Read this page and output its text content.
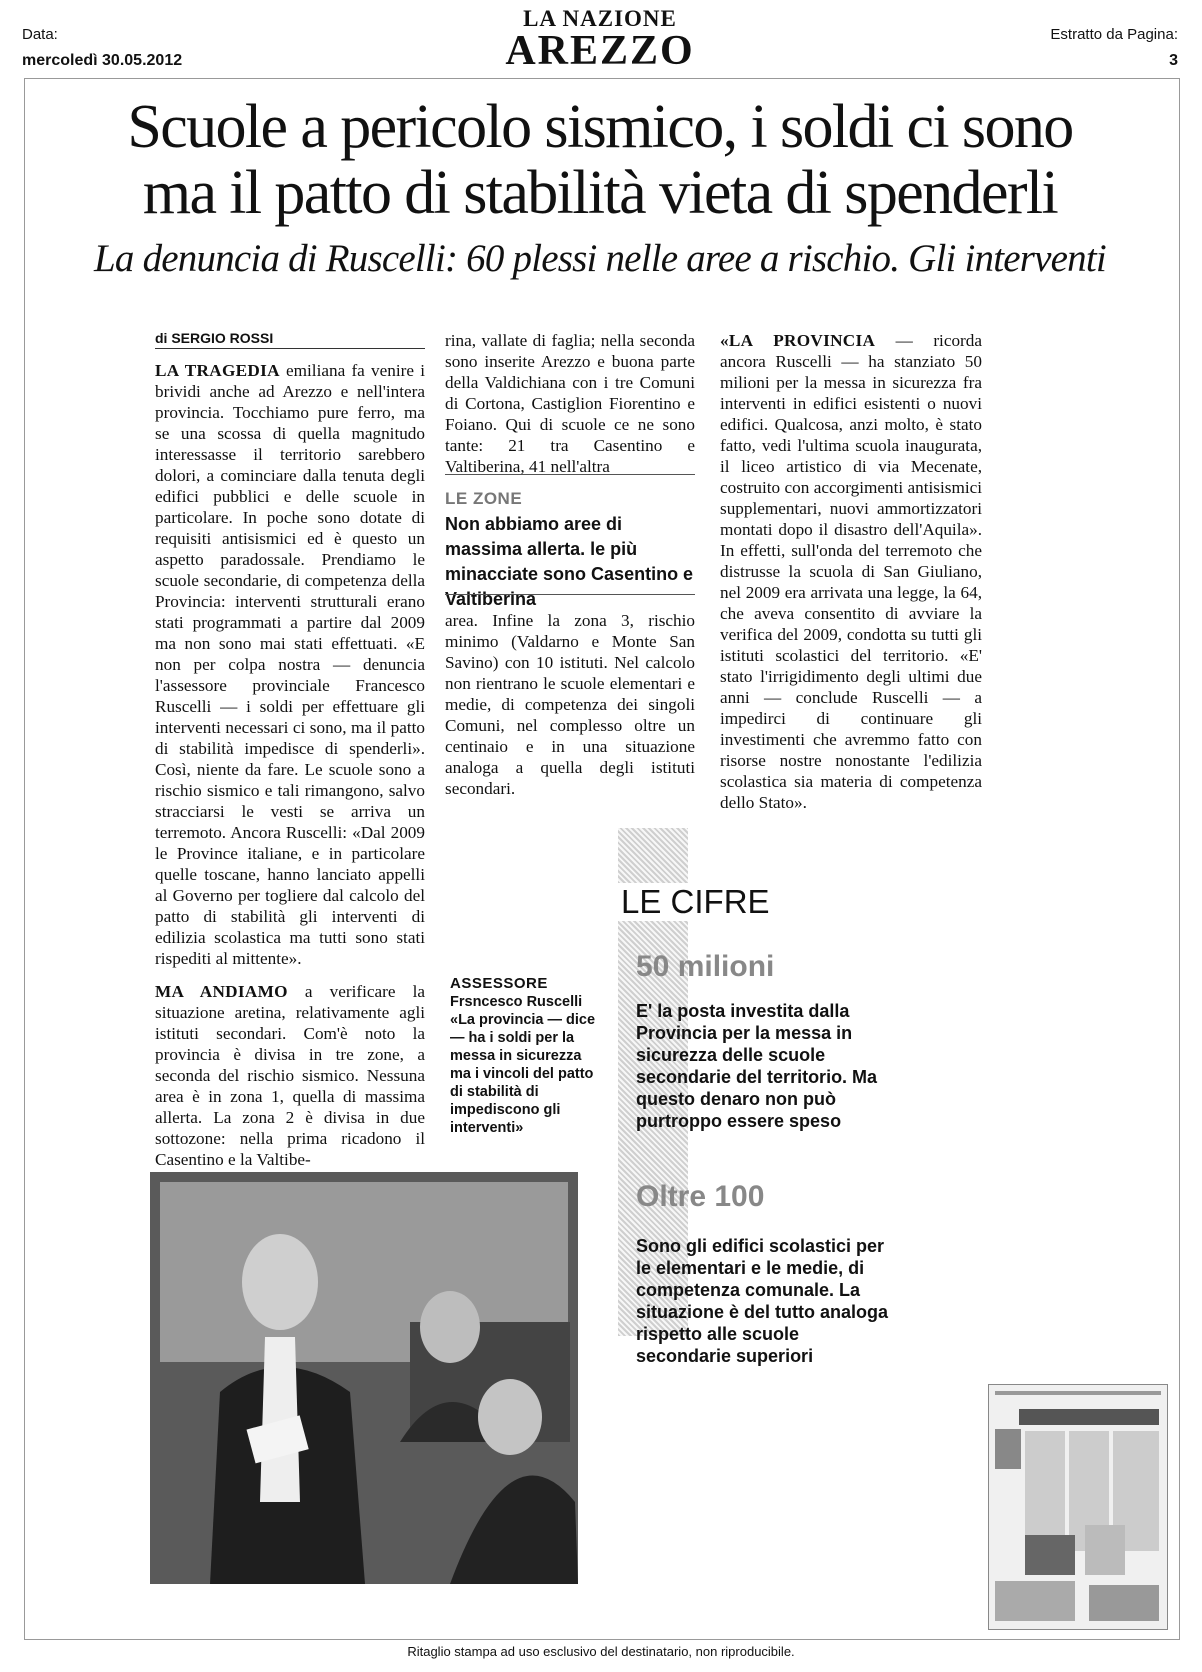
Data:
mercoledì 30.05.2012
LA NAZIONE
AREZZO	Estratto da Pagina:
3
Scuole a pericolo sismico, i soldi ci sono
ma il patto di stabilità vieta di spenderli
La denuncia di Ruscelli: 60 plessi nelle aree a rischio. Gli interventi
di SERGIO ROSSI

LA TRAGEDIA emiliana fa venire i brividi anche ad Arezzo e nell'intera provincia. Tocchiamo pure ferro, ma se una scossa di quella magnitudo interessasse il territorio sarebbero dolori, a cominciare dalla tenuta degli edifici pubblici e delle scuole in particolare. In poche sono dotate di requisiti antisismici ed è questo un aspetto paradossale. Prendiamo le scuole secondarie, di competenza della Provincia: interventi strutturali erano stati programmati a partire dal 2009 ma non sono mai stati effettuati. «E non per colpa nostra — denuncia l'assessore provinciale Francesco Ruscelli — i soldi per effettuare gli interventi necessari ci sono, ma il patto di stabilità impedisce di spenderli». Così, niente da fare. Le scuole sono a rischio sismico e tali rimangono, salvo stracciarsi le vesti se arriva un terremoto. Ancora Ruscelli: «Dal 2009 le Province italiane, e in particolare quelle toscane, hanno lanciato appelli al Governo per togliere dal calcolo del patto di stabilità gli interventi di edilizia scolastica ma tutti sono stati rispediti al mittente».

MA ANDIAMO a verificare la situazione aretina, relativamente agli istituti secondari. Com'è noto la provincia è divisa in tre zone, a seconda del rischio sismico. Nessuna area è in zona 1, quella di massima allerta. La zona 2 è divisa in due sottozone: nella prima ricadono il Casentino e la Valtibe-

rina, vallate di faglia; nella seconda sono inserite Arezzo e buona parte della Valdichiana con i tre Comuni di Cortona, Castiglion Fiorentino e Foiano. Qui di scuole ce ne sono tante: 21 tra Casentino e Valtiberina, 41 nell'altra

LE ZONE
Non abbiamo aree di massima allerta. le più minacciate sono Casentino e Valtiberina

area. Infine la zona 3, rischio minimo (Valdarno e Monte San Savino) con 10 istituti. Nel calcolo non rientrano le scuole elementari e medie, di competenza dei singoli Comuni, nel complesso oltre un centinaio e in una situazione analoga a quella degli istituti secondari.

«LA PROVINCIA — ricorda ancora Ruscelli — ha stanziato 50 milioni per la messa in sicurezza fra interventi in edifici esistenti o nuovi edifici. Qualcosa, anzi molto, è stato fatto, vedi l'ultima scuola inaugurata, il liceo artistico di via Mecenate, costruito con accorgimenti antisismici supplementari, nuovi ammortizzatori montati dopo il disastro dell'Aquila». In effetti, sull'onda del terremoto che distrusse la scuola di San Giuliano, nel 2009 era arrivata una legge, la 64, che aveva consentito di avviare la verifica del 2009, condotta su tutti gli istituti scolastici del territorio. «E' stato l'irrigidimento degli ultimi due anni — conclude Ruscelli — a impedirci di continuare gli investimenti che avremmo fatto con risorse nostre nonostante l'edilizia scolastica sia materia di competenza dello Stato».

ASSESSORE
Frsncesco Ruscelli
«La provincia — dice — ha i soldi per la messa in sicurezza ma i vincoli del patto di stabilità di impediscono gli interventi»
LE CIFRE
50 milioni
E' la posta investita dalla Provincia per la messa in sicurezza delle scuole secondarie del territorio. Ma questo denaro non può purtroppo essere speso
Oltre 100
Sono gli edifici scolastici per le elementari e le medie, di competenza comunale. La situazione è del tutto analoga rispetto alle scuole secondarie superiori
Ritaglio stampa ad uso esclusivo del destinatario, non riproducibile.
